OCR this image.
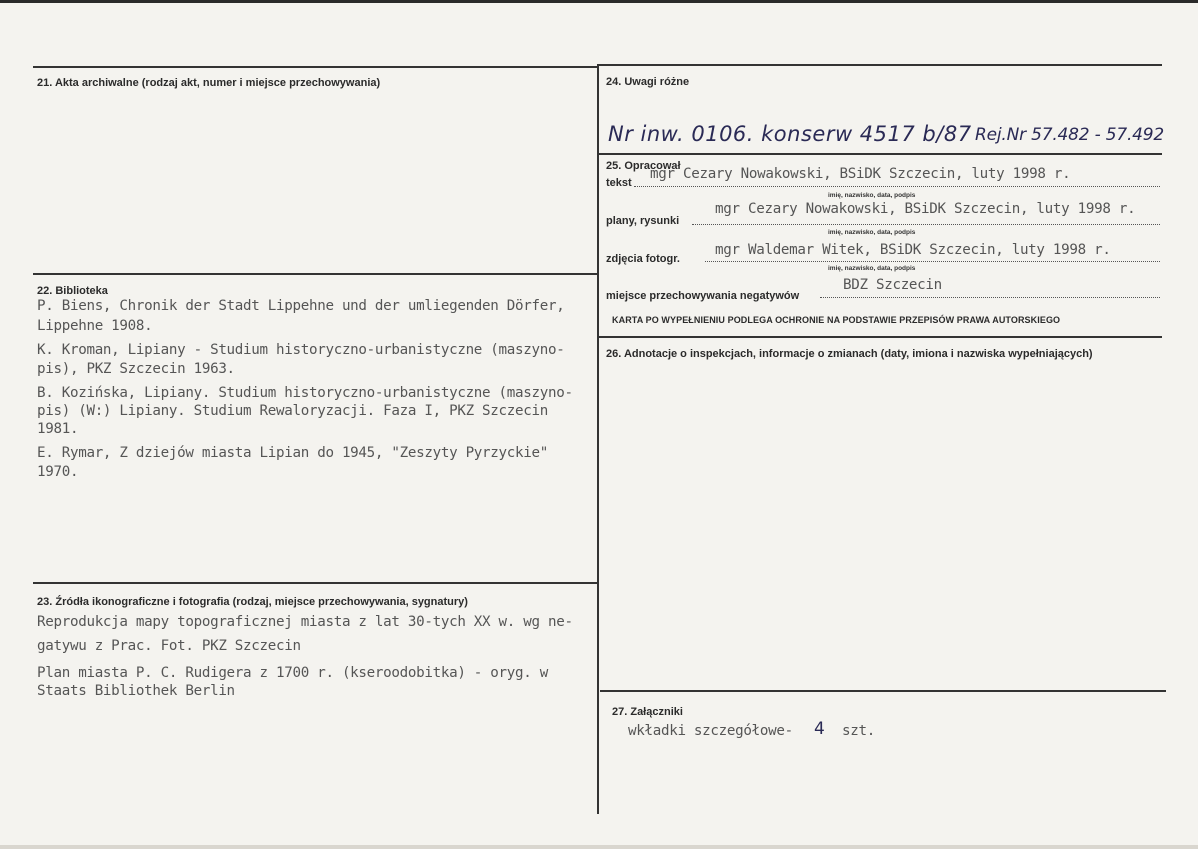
21. Akta archiwalne (rodzaj akt, numer i miejsce przechowywania)
22. Biblioteka
P. Biens, Chronik der Stadt Lippehne und der umliegenden Dörfer,
Lippehne 1908.
K. Kroman, Lipiany - Studium historyczno-urbanistyczne (maszyno-
pis), PKZ Szczecin 1963.
B. Kozińska, Lipiany. Studium historyczno-urbanistyczne (maszyno-
pis) (W:) Lipiany. Studium Rewaloryzacji. Faza I, PKZ Szczecin
1981.
E. Rymar, Z dziejów miasta Lipian do 1945, "Zeszyty Pyrzyckie"
1970.
23. Źródła ikonograficzne i fotografia (rodzaj, miejsce przechowywania, sygnatury)
Reprodukcja mapy topograficznej miasta z lat 30-tych XX w. wg ne-
gatywu z Prac. Fot. PKZ Szczecin
Plan miasta P. C. Rudigera z 1700 r. (kseroodobitka) - oryg. w
Staats Bibliothek Berlin
24. Uwagi różne
Nr inw. 0106. konserw 4517 b/87 Rej.Nr 57.482 - 57.492
25. Opracował
tekst
mgr Cezary Nowakowski, BSiDK Szczecin, luty 1998 r.
imię, nazwisko, data, podpis
plany, rysunki
mgr Cezary Nowakowski, BSiDK Szczecin, luty 1998 r.
imię, nazwisko, data, podpis
zdjęcia fotogr.
mgr Waldemar Witek, BSiDK Szczecin, luty 1998 r.
imię, nazwisko, data, podpis
miejsce przechowywania negatywów
BDZ Szczecin
KARTA PO WYPEŁNIENIU PODLEGA OCHRONIE NA PODSTAWIE PRZEPISÓW PRAWA AUTORSKIEGO
26. Adnotacje o inspekcjach, informacje o zmianach (daty, imiona i nazwiska wypełniających)
27. Załączniki
wkładki szczegółowe- 4 szt.
